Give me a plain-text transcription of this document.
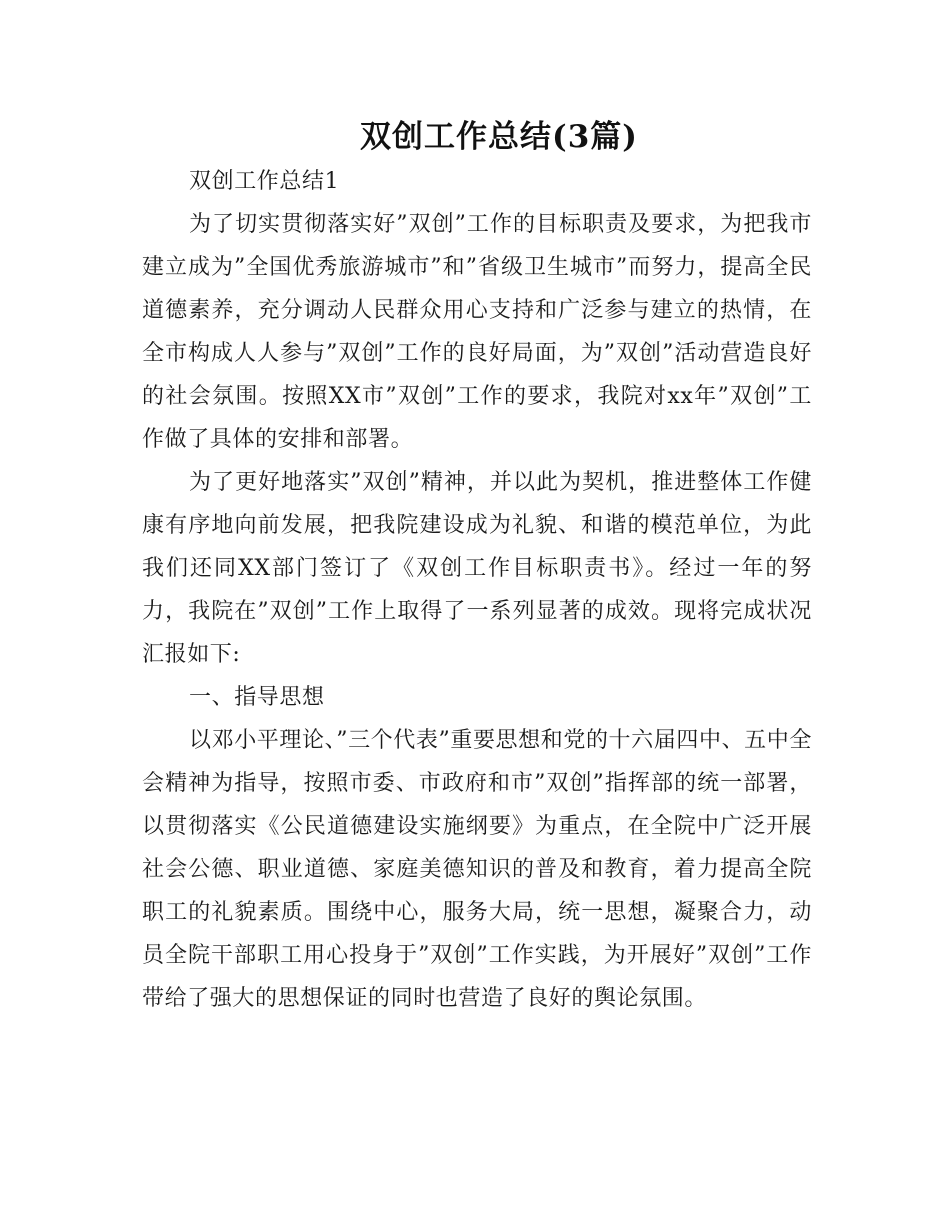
双创工作总结(3篇)

双创工作总结1

为了切实贯彻落实好”双创”工作的目标职责及要求，为把我市建立成为”全国优秀旅游城市”和”省级卫生城市”而努力，提高全民道德素养，充分调动人民群众用心支持和广泛参与建立的热情，在全市构成人人参与”双创”工作的良好局面，为”双创”活动营造良好的社会氛围。按照XX市”双创”工作的要求，我院对xx年”双创”工作做了具体的安排和部署。

为了更好地落实”双创”精神，并以此为契机，推进整体工作健康有序地向前发展，把我院建设成为礼貌、和谐的模范单位，为此我们还同XX部门签订了《双创工作目标职责书》。经过一年的努力，我院在”双创”工作上取得了一系列显著的成效。现将完成状况汇报如下:

一、指导思想

以邓小平理论、”三个代表”重要思想和党的十六届四中、五中全会精神为指导，按照市委、市政府和市”双创”指挥部的统一部署，以贯彻落实《公民道德建设实施纲要》为重点，在全院中广泛开展社会公德、职业道德、家庭美德知识的普及和教育，着力提高全院职工的礼貌素质。围绕中心，服务大局，统一思想，凝聚合力，动员全院干部职工用心投身于”双创”工作实践，为开展好”双创”工作带给了强大的思想保证的同时也营造了良好的舆论氛围。
